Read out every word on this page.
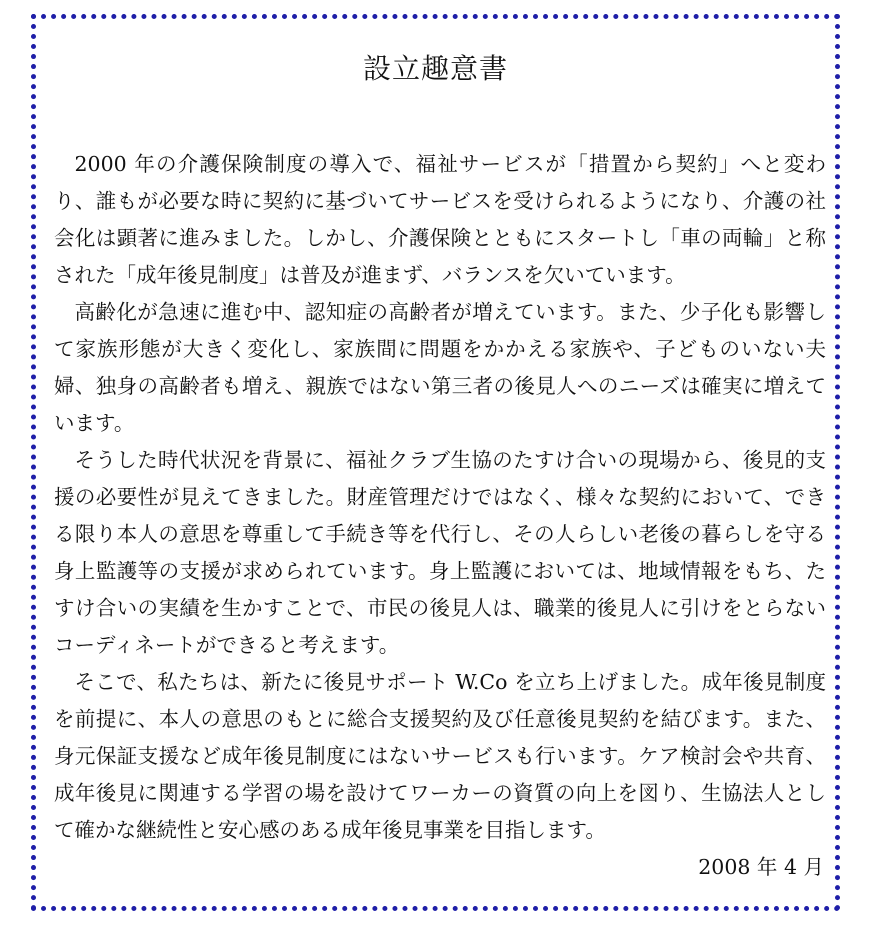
設立趣意書

2000 年の介護保険制度の導入で、福祉サービスが「措置から契約」へと変わり、誰もが必要な時に契約に基づいてサービスを受けられるようになり、介護の社会化は顕著に進みました。しかし、介護保険とともにスタートし「車の両輪」と称された「成年後見制度」は普及が進まず、バランスを欠いています。

高齢化が急速に進む中、認知症の高齢者が増えています。また、少子化も影響して家族形態が大きく変化し、家族間に問題をかかえる家族や、子どものいない夫婦、独身の高齢者も増え、親族ではない第三者の後見人へのニーズは確実に増えています。

そうした時代状況を背景に、福祉クラブ生協のたすけ合いの現場から、後見的支援の必要性が見えてきました。財産管理だけではなく、様々な契約において、できる限り本人の意思を尊重して手続き等を代行し、その人らしい老後の暮らしを守る身上監護等の支援が求められています。身上監護においては、地域情報をもち、たすけ合いの実績を生かすことで、市民の後見人は、職業的後見人に引けをとらないコーディネートができると考えます。

そこで、私たちは、新たに後見サポート W.Co を立ち上げました。成年後見制度を前提に、本人の意思のもとに総合支援契約及び任意後見契約を結びます。また、身元保証支援など成年後見制度にはないサービスも行います。ケア検討会や共育、成年後見に関連する学習の場を設けてワーカーの資質の向上を図り、生協法人として確かな継続性と安心感のある成年後見事業を目指します。

2008 年 4 月
